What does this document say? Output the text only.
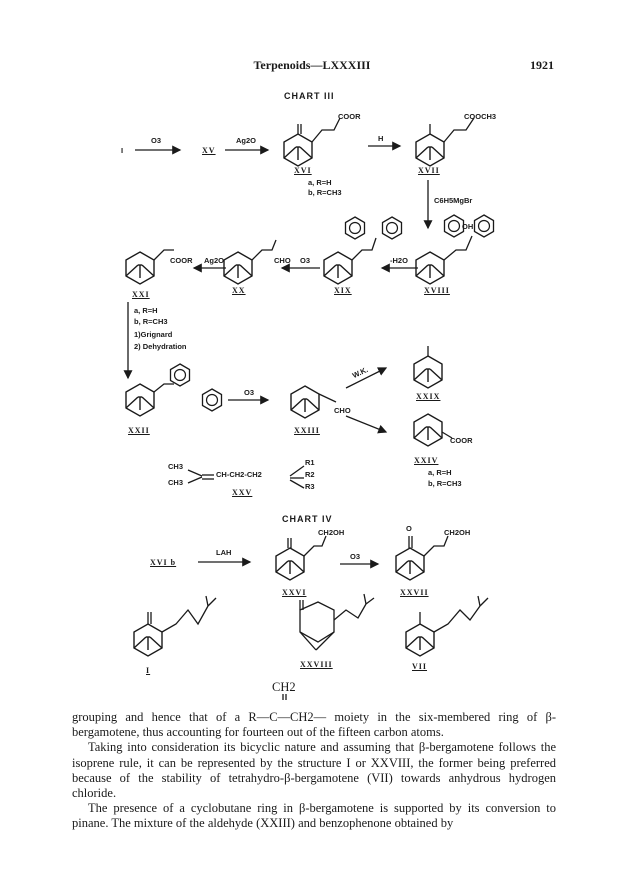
Terpenoids—LXXXIII	1921
CHART III
CHART IV
I
O3
XV
Ag2O
COOR
H
COOCH3
XVI
a, R=H
b, R=CH3
XVII
C6H5MgBr
OH
-H2O
XVIII
O3
XIX
CHO
Ag2O
XX
COOR
XXI
a, R=H
b, R=CH3
1)Grignard
2) Dehydration
XXII
O3
CHO
XXIII
W.K.
XXIX
COOR
XXIV
a, R=H
b, R=CH3
CH3
CH3
CH-CH2-CH2
R1
R2
R3
XXV
XVI b
LAH
CH2OH
O3
O	CH2OH
XXVI	XXVII
I
XXVIII	VII
CH2

grouping and hence that of a R—C—CH2— moiety in the six-membered ring of β-bergamotene, thus accounting for fourteen out of the fifteen carbon atoms.

Taking into consideration its bicyclic nature and assuming that β-bergamotene follows the isoprene rule, it can be represented by the structure I or XXVIII, the former being preferred because of the stability of tetrahydro-β-bergamotene (VII) towards anhydrous hydrogen chloride.

The presence of a cyclobutane ring in β-bergamotene is supported by its conversion to pinane. The mixture of the aldehyde (XXIII) and benzophenone obtained by
